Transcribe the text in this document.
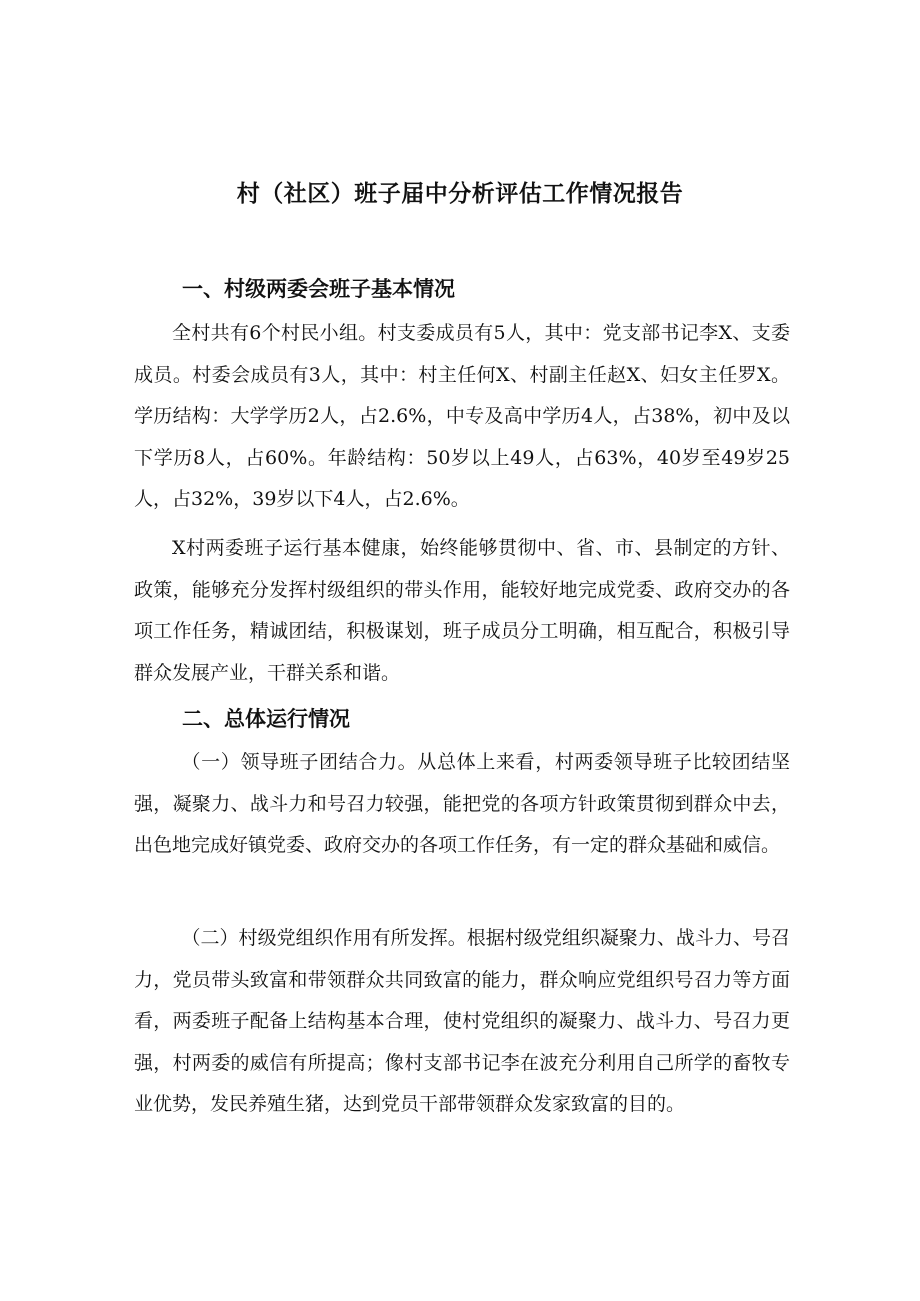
村（社区）班子届中分析评估工作情况报告
一、村级两委会班子基本情况
全村共有6个村民小组。村支委成员有5人，其中：党支部书记李X、支委成员。村委会成员有3人，其中：村主任何X、村副主任赵X、妇女主任罗X。学历结构：大学学历2人，占2.6%，中专及高中学历4人，占38%，初中及以下学历8人，占60%。年龄结构：50岁以上49人，占63%，40岁至49岁25人，占32%，39岁以下4人，占2.6%。
X村两委班子运行基本健康，始终能够贯彻中、省、市、县制定的方针、政策，能够充分发挥村级组织的带头作用，能较好地完成党委、政府交办的各项工作任务，精诚团结，积极谋划，班子成员分工明确，相互配合，积极引导群众发展产业，干群关系和谐。
二、总体运行情况
（一）领导班子团结合力。从总体上来看，村两委领导班子比较团结坚强，凝聚力、战斗力和号召力较强，能把党的各项方针政策贯彻到群众中去，出色地完成好镇党委、政府交办的各项工作任务，有一定的群众基础和威信。
（二）村级党组织作用有所发挥。根据村级党组织凝聚力、战斗力、号召力，党员带头致富和带领群众共同致富的能力，群众响应党组织号召力等方面看，两委班子配备上结构基本合理，使村党组织的凝聚力、战斗力、号召力更强，村两委的威信有所提高；像村支部书记李在波充分利用自己所学的畜牧专业优势，发民养殖生猪，达到党员干部带领群众发家致富的目的。
